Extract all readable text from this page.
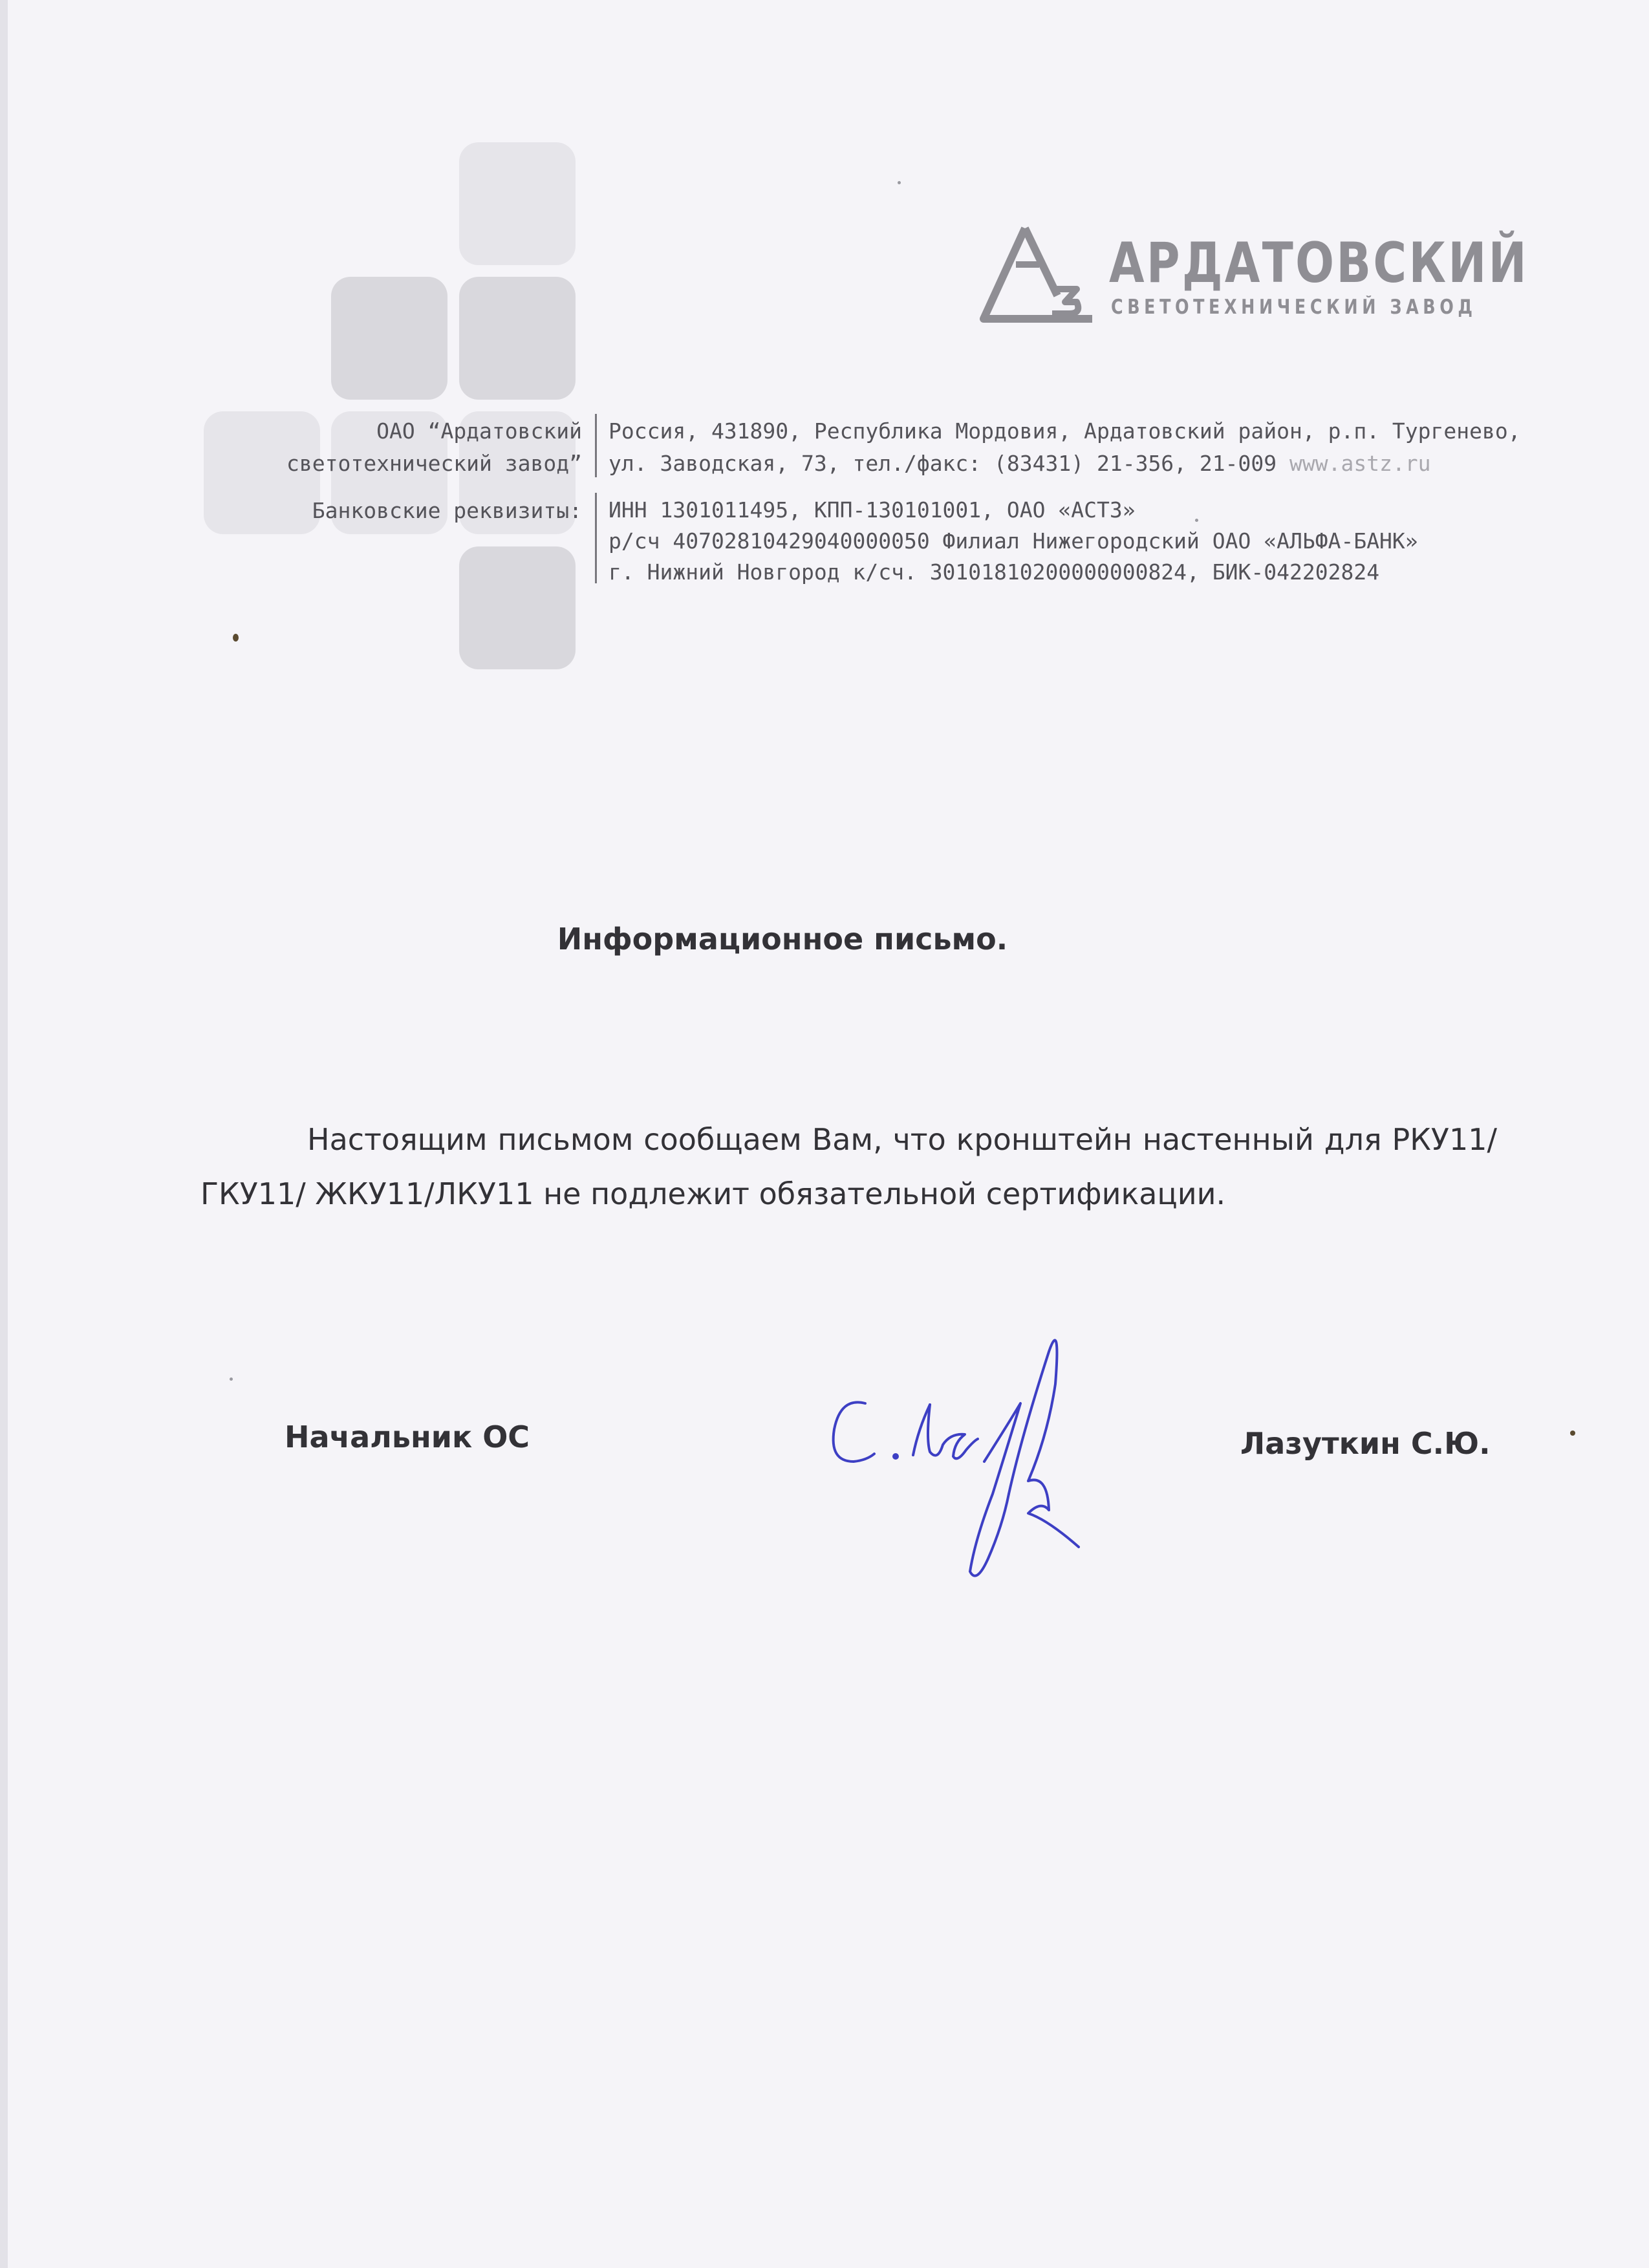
АРДАТОВСКИЙ
СВЕТОТЕХНИЧЕСКИЙ ЗАВОД
ОАО “Ардатовский
светотехнический завод”
Банковские реквизиты:
Россия, 431890, Республика Мордовия, Ардатовский район, р.п. Тургенево,
ул. Заводская, 73, тел./факс: (83431) 21-356, 21-009 www.astz.ru
ИНН 1301011495, КПП-130101001, ОАО «АСТЗ»
р/сч 40702810429040000050 Филиал Нижегородский ОАО «АЛЬФА-БАНК»
г. Нижний Новгород к/сч. 30101810200000000824, БИК-042202824
Информационное письмо.
Настоящим письмом сообщаем Вам, что кронштейн настенный для РКУ11/ ГКУ11/ ЖКУ11/ЛКУ11 не подлежит обязательной сертификации.
Начальник ОС	Лазуткин С.Ю.
